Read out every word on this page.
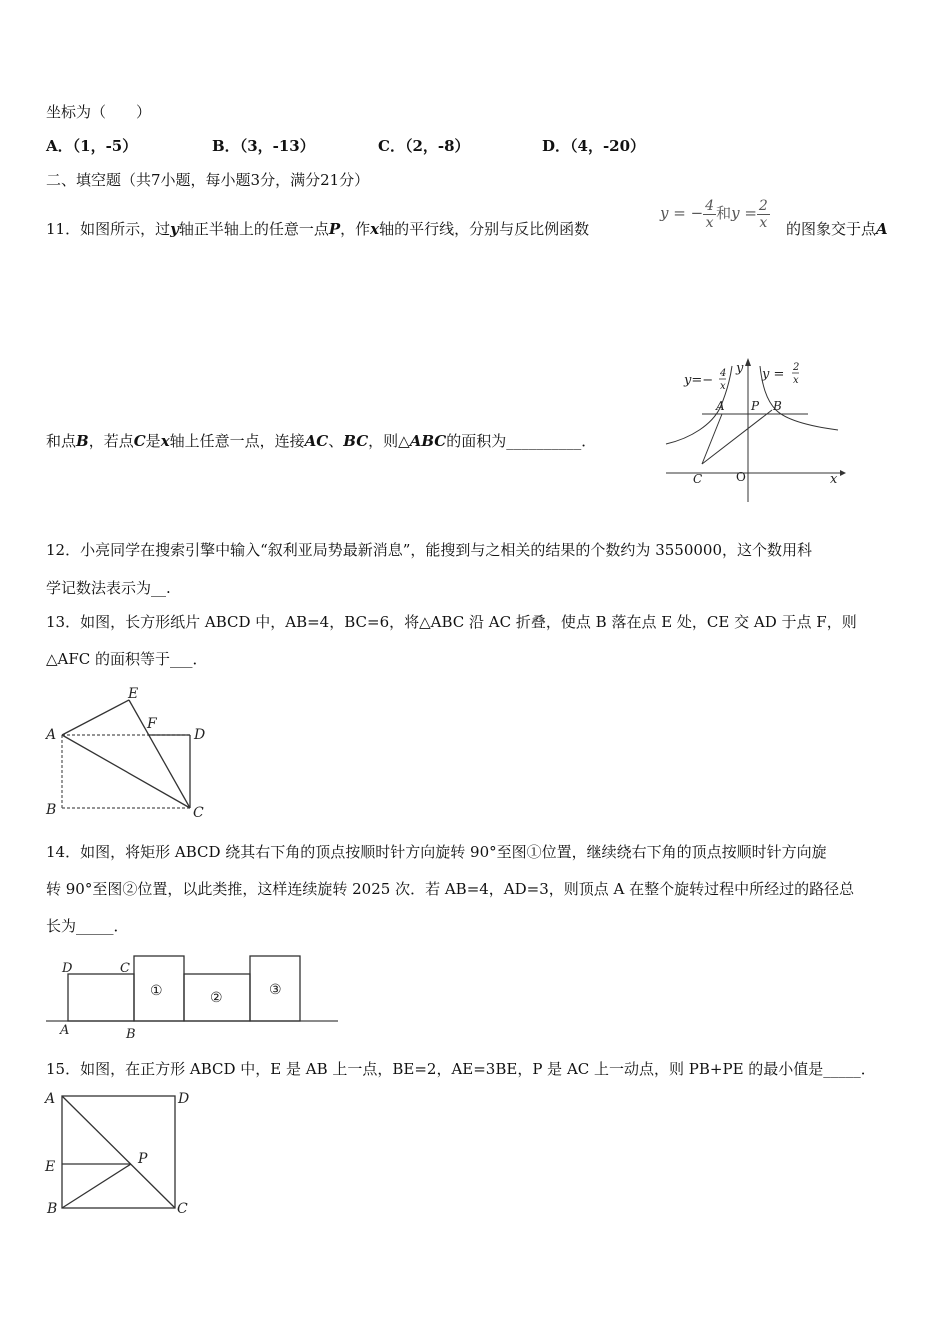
坐标为（　　）
A．（1，-5）	B．（3，-13）	C．（2，-8）	D．（4，-20）
二、填空题（共7小题，每小题3分，满分21分）
11．如图所示，过y轴正半轴上的任意一点P，作x轴的平行线，分别与反比例函数
y = − $\frac{4}{x}$ 和$y = \frac{2}{x}$ 的图象交于点A
和点B，若点C是x轴上任意一点，连接AC、BC，则△ABC的面积为__________．
y=− 4
x
y = 2
x
y
x
A P B
C	O
12．小亮同学在搜索引擎中输入“叙利亚局势最新消息”，能搜到与之相关的结果的个数约为 3550000，这个数用科
学记数法表示为__.
13．如图，长方形纸片 ABCD 中，AB=4，BC=6，将△ABC 沿 AC 折叠，使点 B 落在点 E 处，CE 交 AD 于点 F，则
△AFC 的面积等于___．
A
B	C
D
E
F
14．如图，将矩形 ABCD 绕其右下角的顶点按顺时针方向旋转 90°至图①位置，继续绕右下角的顶点按顺时针方向旋
转 90°至图②位置，以此类推，这样连续旋转 2025 次．若 AB=4，AD=3，则顶点 A 在整个旋转过程中所经过的路径总
长为_____．
D	C
A	B
①	②	③
15．如图，在正方形 ABCD 中，E 是 AB 上一点，BE=2，AE=3BE，P 是 AC 上一动点，则 PB+PE 的最小值是_____．
A	D
E	P
B	C
